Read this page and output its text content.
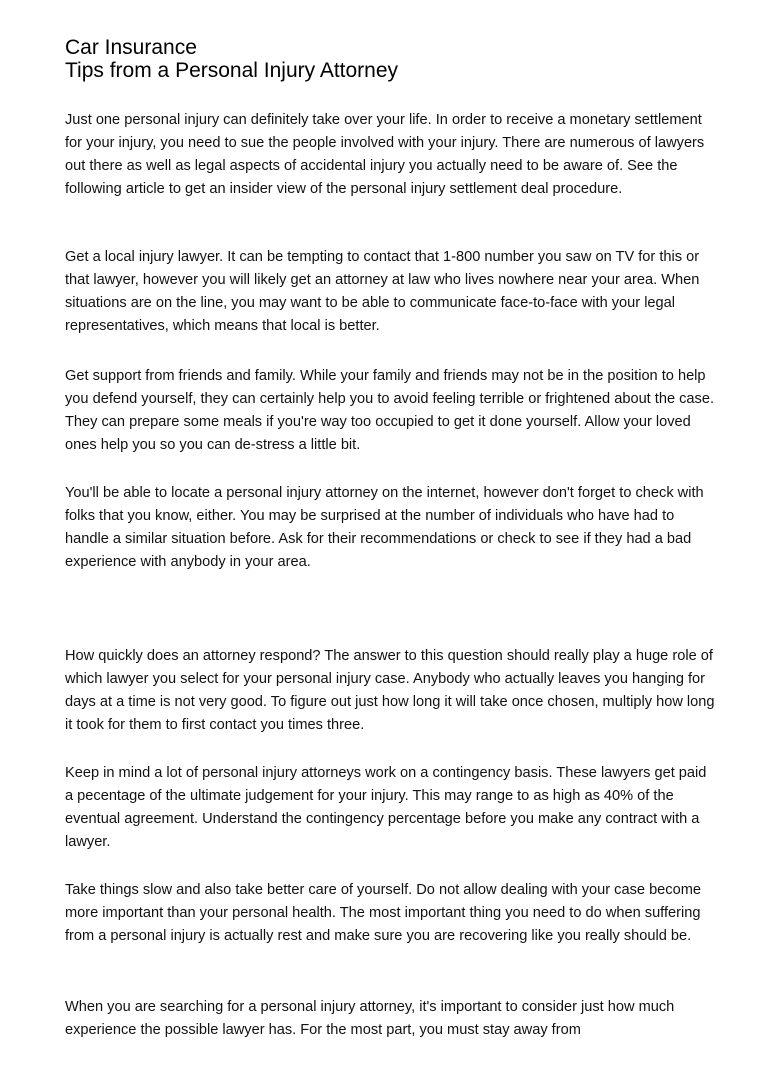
Car Insurance
Tips from a Personal Injury Attorney

Just one personal injury can definitely take over your life. In order to receive a monetary settlement for your injury, you need to sue the people involved with your injury. There are numerous of lawyers out there as well as legal aspects of accidental injury you actually need to be aware of. See the following article to get an insider view of the personal injury settlement deal procedure.

Get a local injury lawyer. It can be tempting to contact that 1-800 number you saw on TV for this or that lawyer, however you will likely get an attorney at law who lives nowhere near your area. When situations are on the line, you may want to be able to communicate face-to-face with your legal representatives, which means that local is better.

Get support from friends and family. While your family and friends may not be in the position to help you defend yourself, they can certainly help you to avoid feeling terrible or frightened about the case. They can prepare some meals if you're way too occupied to get it done yourself. Allow your loved ones help you so you can de-stress a little bit.

You'll be able to locate a personal injury attorney on the internet, however don't forget to check with folks that you know, either. You may be surprised at the number of individuals who have had to handle a similar situation before. Ask for their recommendations or check to see if they had a bad experience with anybody in your area.

How quickly does an attorney respond? The answer to this question should really play a huge role of which lawyer you select for your personal injury case. Anybody who actually leaves you hanging for days at a time is not very good. To figure out just how long it will take once chosen, multiply how long it took for them to first contact you times three.

Keep in mind a lot of personal injury attorneys work on a contingency basis. These lawyers get paid a pecentage of the ultimate judgement for your injury. This may range to as high as 40% of the eventual agreement. Understand the contingency percentage before you make any contract with a lawyer.

Take things slow and also take better care of yourself. Do not allow dealing with your case become more important than your personal health. The most important thing you need to do when suffering from a personal injury is actually rest and make sure you are recovering like you really should be.

When you are searching for a personal injury attorney, it's important to consider just how much experience the possible lawyer has. For the most part, you must stay away from
